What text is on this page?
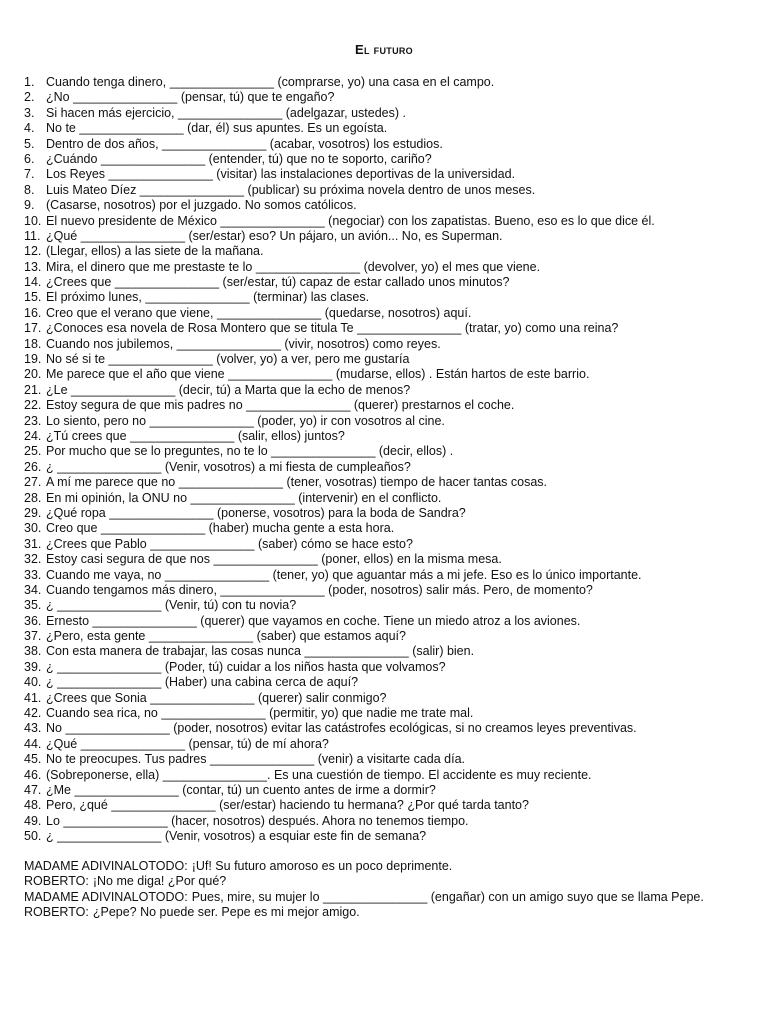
El futuro
1. Cuando tenga dinero, _______________ (comprarse, yo) una casa en el campo.
2. ¿No _______________ (pensar, tú) que te engaño?
3. Si hacen más ejercicio, _______________ (adelgazar, ustedes) .
4. No te _______________ (dar, él) sus apuntes. Es un egoísta.
5. Dentro de dos años, _______________ (acabar, vosotros) los estudios.
6. ¿Cuándo _______________ (entender, tú) que no te soporto, cariño?
7. Los Reyes _______________ (visitar) las instalaciones deportivas de la universidad.
8. Luis Mateo Díez _______________ (publicar) su próxima novela dentro de unos meses.
9. (Casarse, nosotros) por el juzgado. No somos católicos.
10. El nuevo presidente de México _______________ (negociar) con los zapatistas. Bueno, eso es lo que dice él.
11. ¿Qué _______________ (ser/estar) eso? Un pájaro, un avión... No, es Superman.
12. (Llegar, ellos) a las siete de la mañana.
13. Mira, el dinero que me prestaste te lo _______________ (devolver, yo) el mes que viene.
14. ¿Crees que _______________ (ser/estar, tú) capaz de estar callado unos minutos?
15. El próximo lunes, _______________ (terminar) las clases.
16. Creo que el verano que viene, _______________ (quedarse, nosotros) aquí.
17. ¿Conoces esa novela de Rosa Montero que se titula Te _______________ (tratar, yo) como una reina?
18. Cuando nos jubilemos, _______________ (vivir, nosotros) como reyes.
19. No sé si te _______________ (volver, yo) a ver, pero me gustaría
20. Me parece que el año que viene _______________ (mudarse, ellos) . Están hartos de este barrio.
21. ¿Le _______________ (decir, tú) a Marta que la echo de menos?
22. Estoy segura de que mis padres no _______________ (querer) prestarnos el coche.
23. Lo siento, pero no _______________ (poder, yo) ir con vosotros al cine.
24. ¿Tú crees que _______________ (salir, ellos) juntos?
25. Por mucho que se lo preguntes, no te lo _______________ (decir, ellos) .
26. ¿ _______________ (Venir, vosotros) a mi fiesta de cumpleaños?
27. A mí me parece que no _______________ (tener, vosotras) tiempo de hacer tantas cosas.
28. En mi opinión, la ONU no _______________ (intervenir) en el conflicto.
29. ¿Qué ropa _______________ (ponerse, vosotros) para la boda de Sandra?
30. Creo que _______________ (haber) mucha gente a esta hora.
31. ¿Crees que Pablo _______________ (saber) cómo se hace esto?
32. Estoy casi segura de que nos _______________ (poner, ellos) en la misma mesa.
33. Cuando me vaya, no _______________ (tener, yo) que aguantar más a mi jefe. Eso es lo único importante.
34. Cuando tengamos más dinero, _______________ (poder, nosotros) salir más. Pero, de momento?
35. ¿ _______________ (Venir, tú) con tu novia?
36. Ernesto _______________ (querer) que vayamos en coche. Tiene un miedo atroz a los aviones.
37. ¿Pero, esta gente _______________ (saber) que estamos aquí?
38. Con esta manera de trabajar, las cosas nunca _______________ (salir) bien.
39. ¿ _______________ (Poder, tú) cuidar a los niños hasta que volvamos?
40. ¿ _______________ (Haber) una cabina cerca de aquí?
41. ¿Crees que Sonia _______________ (querer) salir conmigo?
42. Cuando sea rica, no _______________ (permitir, yo) que nadie me trate mal.
43. No _______________ (poder, nosotros) evitar las catástrofes ecológicas, si no creamos leyes preventivas.
44. ¿Qué _______________ (pensar, tú) de mí ahora?
45. No te preocupes. Tus padres _______________ (venir) a visitarte cada día.
46. (Sobreponerse, ella) _______________. Es una cuestión de tiempo. El accidente es muy reciente.
47. ¿Me _______________ (contar, tú) un cuento antes de irme a dormir?
48. Pero, ¿qué _______________ (ser/estar) haciendo tu hermana? ¿Por qué tarda tanto?
49. Lo _______________ (hacer, nosotros) después. Ahora no tenemos tiempo.
50. ¿ _______________ (Venir, vosotros) a esquiar este fin de semana?

MADAME ADIVINALOTODO: ¡Uf! Su futuro amoroso es un poco deprimente.

ROBERTO: ¡No me diga! ¿Por qué?

MADAME ADIVINALOTODO: Pues, mire, su mujer lo _______________ (engañar) con un amigo suyo que se llama Pepe.

ROBERTO: ¿Pepe? No puede ser. Pepe es mi mejor amigo.
